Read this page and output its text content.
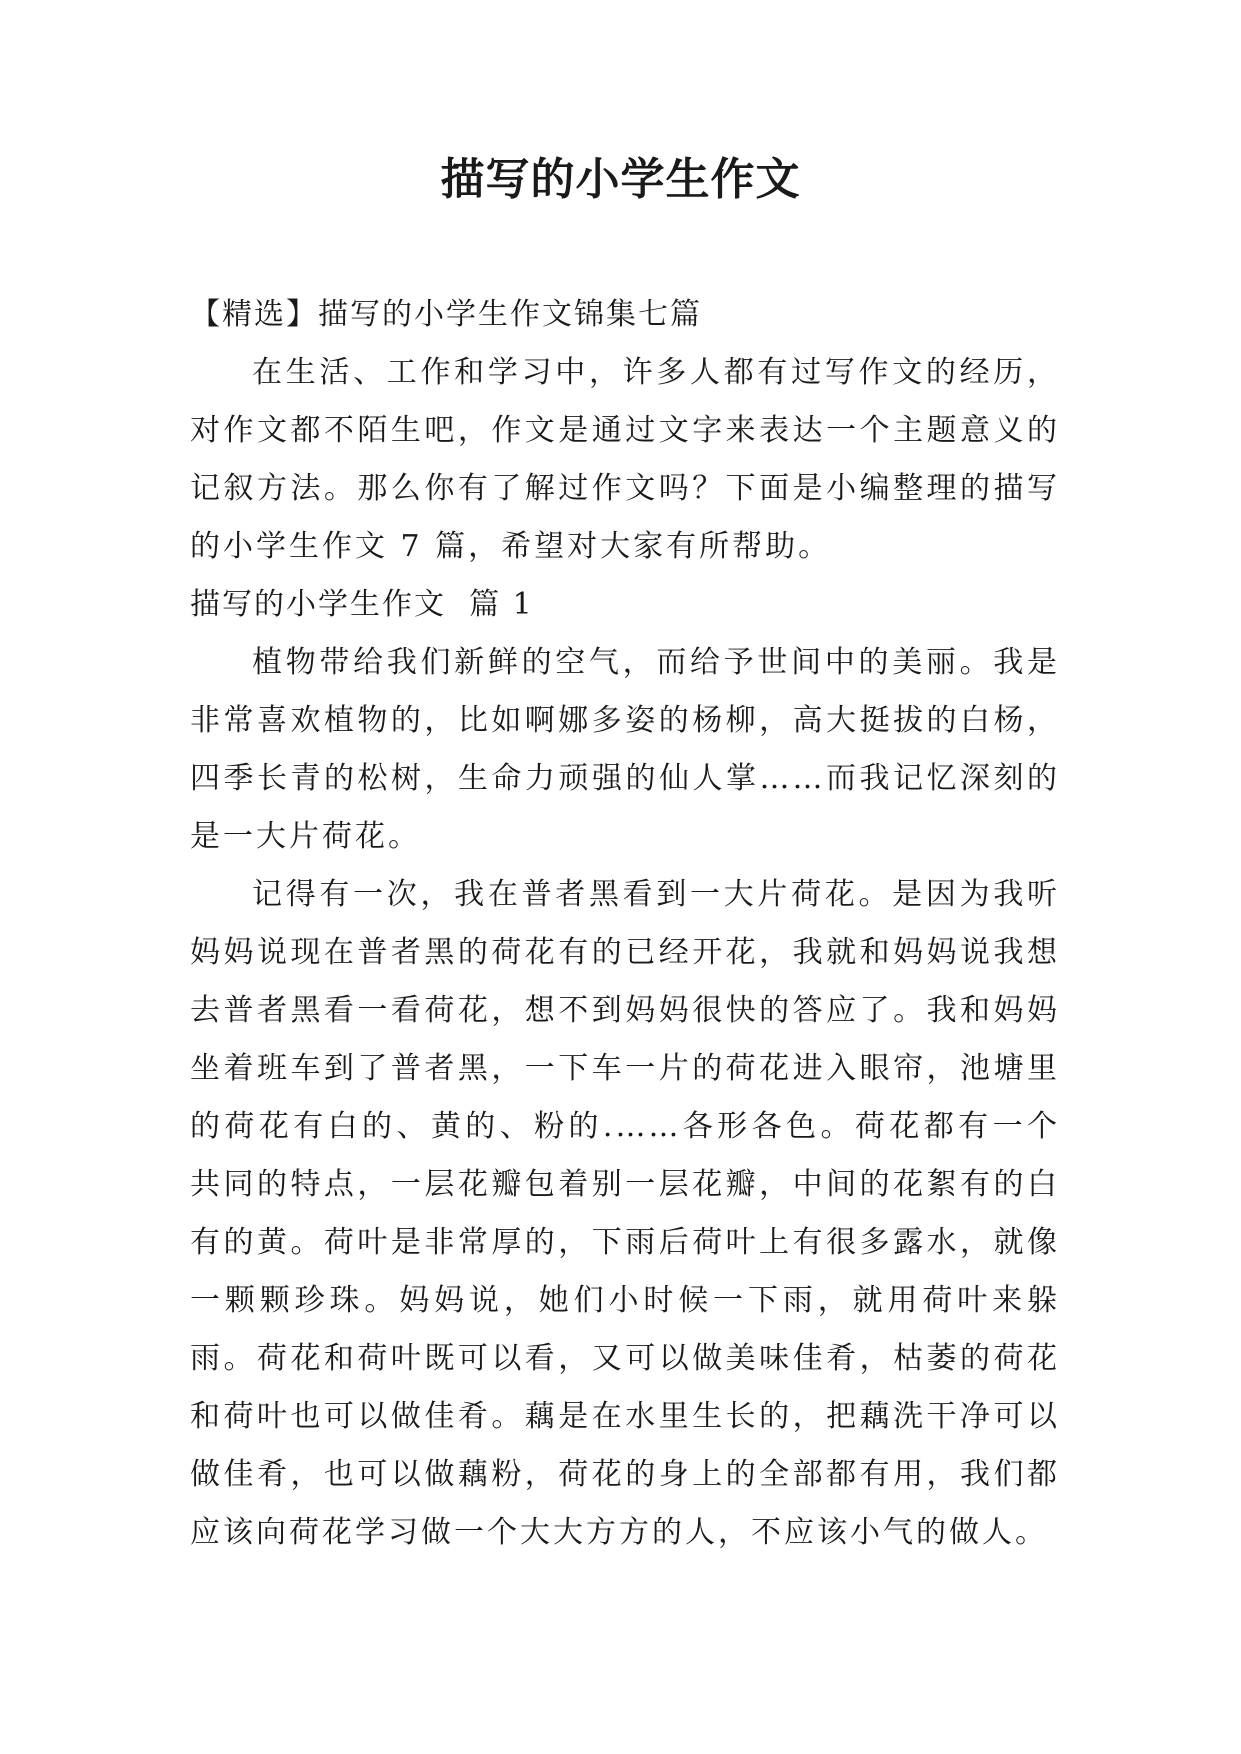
描写的小学生作文

【精选】描写的小学生作文锦集七篇

在生活、工作和学习中，许多人都有过写作文的经历，对作文都不陌生吧，作文是通过文字来表达一个主题意义的记叙方法。那么你有了解过作文吗？下面是小编整理的描写的小学生作文 7 篇，希望对大家有所帮助。

描写的小学生作文  篇 1

植物带给我们新鲜的空气，而给予世间中的美丽。我是非常喜欢植物的，比如啊娜多姿的杨柳，高大挺拔的白杨，四季长青的松树，生命力顽强的仙人掌……而我记忆深刻的是一大片荷花。

记得有一次，我在普者黑看到一大片荷花。是因为我听妈妈说现在普者黑的荷花有的已经开花，我就和妈妈说我想去普者黑看一看荷花，想不到妈妈很快的答应了。我和妈妈坐着班车到了普者黑，一下车一片的荷花进入眼帘，池塘里的荷花有白的、黄的、粉的.……各形各色。荷花都有一个共同的特点，一层花瓣包着别一层花瓣，中间的花絮有的白有的黄。荷叶是非常厚的，下雨后荷叶上有很多露水，就像一颗颗珍珠。妈妈说，她们小时候一下雨，就用荷叶来躲雨。荷花和荷叶既可以看，又可以做美味佳肴，枯萎的荷花和荷叶也可以做佳肴。藕是在水里生长的，把藕洗干净可以做佳肴，也可以做藕粉，荷花的身上的全部都有用，我们都应该向荷花学习做一个大大方方的人，不应该小气的做人。
